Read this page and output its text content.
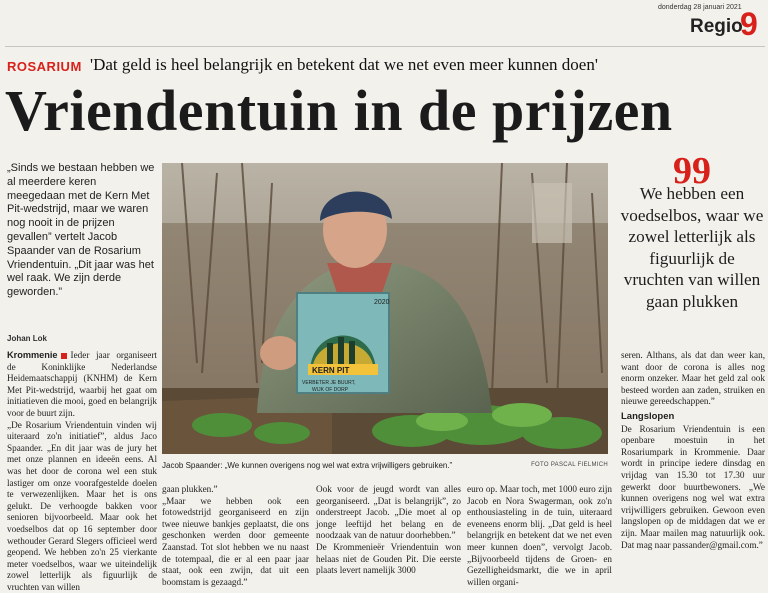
donderdag 28 januari 2021
Regio
9
ROSARIUM 'Dat geld is heel belangrijk en betekent dat we net even meer kunnen doen'
Vriendentuin in de prijzen
„Sinds we bestaan hebben we al meerdere keren meegedaan met de Kern Met Pit-wedstrijd, maar we waren nog nooit in de prijzen gevallen” vertelt Jacob Spaander van de Rosarium Vriendentuin. „Dit jaar was het wel raak. We zijn derde geworden.”
Johan Lok

Krommenie Ieder jaar organiseert de Koninklijke Nederlandse Heidemaatschappij (KNHM) de Kern Met Pit-wedstrijd, waarbij het gaat om initiatieven die mooi, goed en belangrijk voor de buurt zijn.

„De Rosarium Vriendentuin vinden wij uiteraard zo'n initiatief”, aldus Jaco Spaander. „En dit jaar was de jury het met onze plannen en ideeën eens. Al was het door de corona wel een stuk lastiger om onze voorafgestelde doelen te verwezenlijken. Maar het is ons gelukt. De verhoogde bakken voor senioren bijvoorbeeld. Maar ook het voedselbos dat op 16 september door wethouder Gerard Slegers officieel werd geopend. We hebben zo'n 25 vierkante meter voedselbos, waar we uiteindelijk zowel letterlijk als figuurlijk de vruchten van willen

2020
KERN PIT
VERBETER JE BUURT,
WIJK OF DORP
Jacob Spaander: „We kunnen overigens nog wel wat extra vrijwilligers gebruiken.”	FOTO PASCAL FIELMICH

gaan plukken.”

„Maar we hebben ook een fotowedstrijd georganiseerd en zijn twee nieuwe bankjes geplaatst, die ons geschonken werden door gemeente Zaanstad. Tot slot hebben we nu naast de totempaal, die er al een paar jaar staat, ook een zwijn, dat uit een boomstam is gezaagd.”

Ook voor de jeugd wordt van alles georganiseerd. „Dat is belangrijk”, zo onderstreept Jacob. „Die moet al op jonge leeftijd het belang en de noodzaak van de natuur doorhebben.”

De Krommenieër Vriendentuin won helaas niet de Gouden Pit. Die eerste plaats levert namelijk 3000

euro op. Maar toch, met 1000 euro zijn Jacob en Nora Swagerman, ook zo'n enthousiasteling in de tuin, uiteraard eveneens enorm blij. „Dat geld is heel belangrijk en betekent dat we net even meer kunnen doen”, vervolgt Jacob. „Bijvoorbeeld tijdens de Groen- en Gezelligheidsmarkt, die we in april willen organi-

99
We hebben een voedselbos, waar we zowel letterlijk als figuurlijk de vruchten van willen gaan plukken

seren. Althans, als dat dan weer kan, want door de corona is alles nog enorm onzeker. Maar het geld zal ook besteed worden aan zaden, struiken en nieuwe gereedschappen.”

Langslopen

De Rosarium Vriendentuin is een openbare moestuin in het Rosariumpark in Krommenie. Daar wordt in principe iedere dinsdag en vrijdag van 15.30 tot 17.30 uur gewerkt door buurtbewoners. „We kunnen overigens nog wel wat extra vrijwilligers gebruiken. Gewoon even langslopen op de middagen dat we er zijn. Maar mailen mag natuurlijk ook. Dat mag naar passander@gmail.com.”
